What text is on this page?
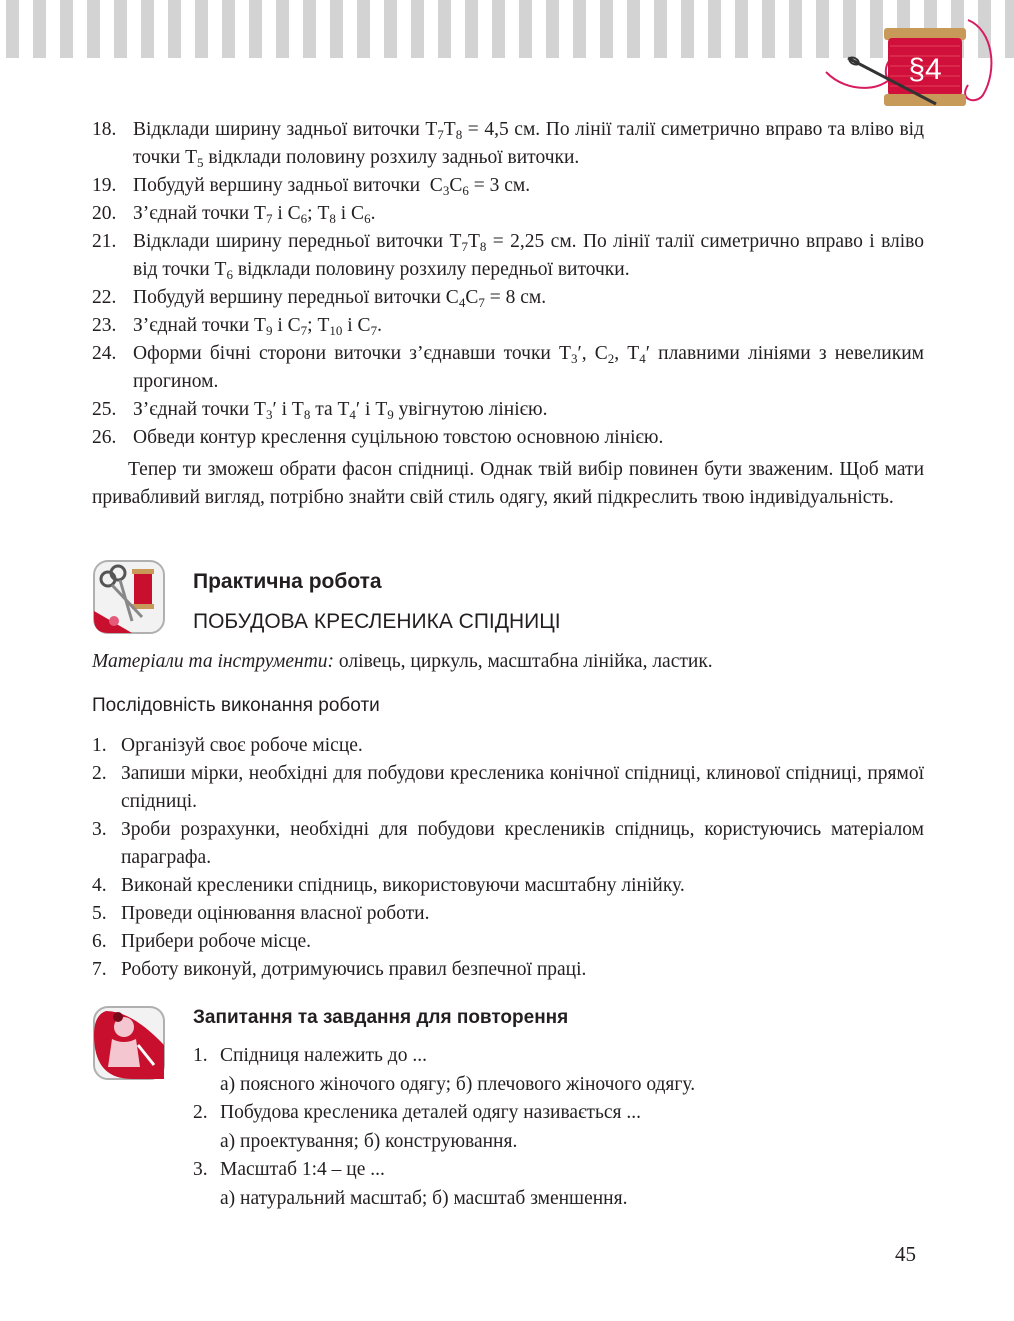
§4
18. Відклади ширину задньої виточки $Т_7Т_8 = 4,5$ см. По лінії талії симетрично вправо та вліво від точки $Т_5$ відклади половину розхилу задньої виточки.
19. Побудуй вершину задньої виточки  $С_3С_6 = 3$ см.
20. З’єднай точки $Т_7$ і $С_6$; $Т_8$ і $С_6$.
21. Відклади ширину передньої виточки $Т_7Т_8 = 2,25$ см. По лінії талії симетрично вправо і вліво від точки $Т_6$ відклади половину розхилу передньої виточки.
22. Побудуй вершину передньої виточки $С_4С_7 = 8$ см.
23. З’єднай точки $Т_9$ і $С_7$; $Т_{10}$ і $С_7$.
24. Оформи бічні сторони виточки з’єднавши точки $Т_3'$, $С_2$, $Т_4'$ плавними лініями з невеликим прогином.
25. З’єднай точки $Т_3'$ і $Т_8$ та $Т_4'$ і $Т_9$ увігнутою лінією.
26. Обведи контур креслення суцільною товстою основною лінією.
Тепер ти зможеш обрати фасон спідниці. Однак твій вибір повинен бути зваженим. Щоб мати привабливий вигляд, потрібно знайти свій стиль одягу, який підкреслить твою індивідуальність.
Практична робота
ПОБУДОВА КРЕСЛЕНИКА СПІДНИЦІ
Матеріали та інструменти: олівець, циркуль, масштабна лінійка, ластик.
Послідовність виконання роботи
1. Організуй своє робоче місце.
2. Запиши мірки, необхідні для побудови кресленика конічної спідниці, клинової спідниці, прямої спідниці.
3. Зроби розрахунки, необхідні для побудови креслеників спідниць, користуючись матеріалом параграфа.
4. Виконай кресленики спідниць, використовуючи масштабну лінійку.
5. Проведи оцінювання власної роботи.
6. Прибери робоче місце.
7. Роботу виконуй, дотримуючись правил безпечної праці.
Запитання та завдання для повторення
1. Спідниця належить до ...
а) поясного жіночого одягу; б) плечового жіночого одягу.
2. Побудова кресленика деталей одягу називається ...
а) проектування; б) конструювання.
3. Масштаб 1:4 – це ...
а) натуральний масштаб; б) масштаб зменшення.
45
